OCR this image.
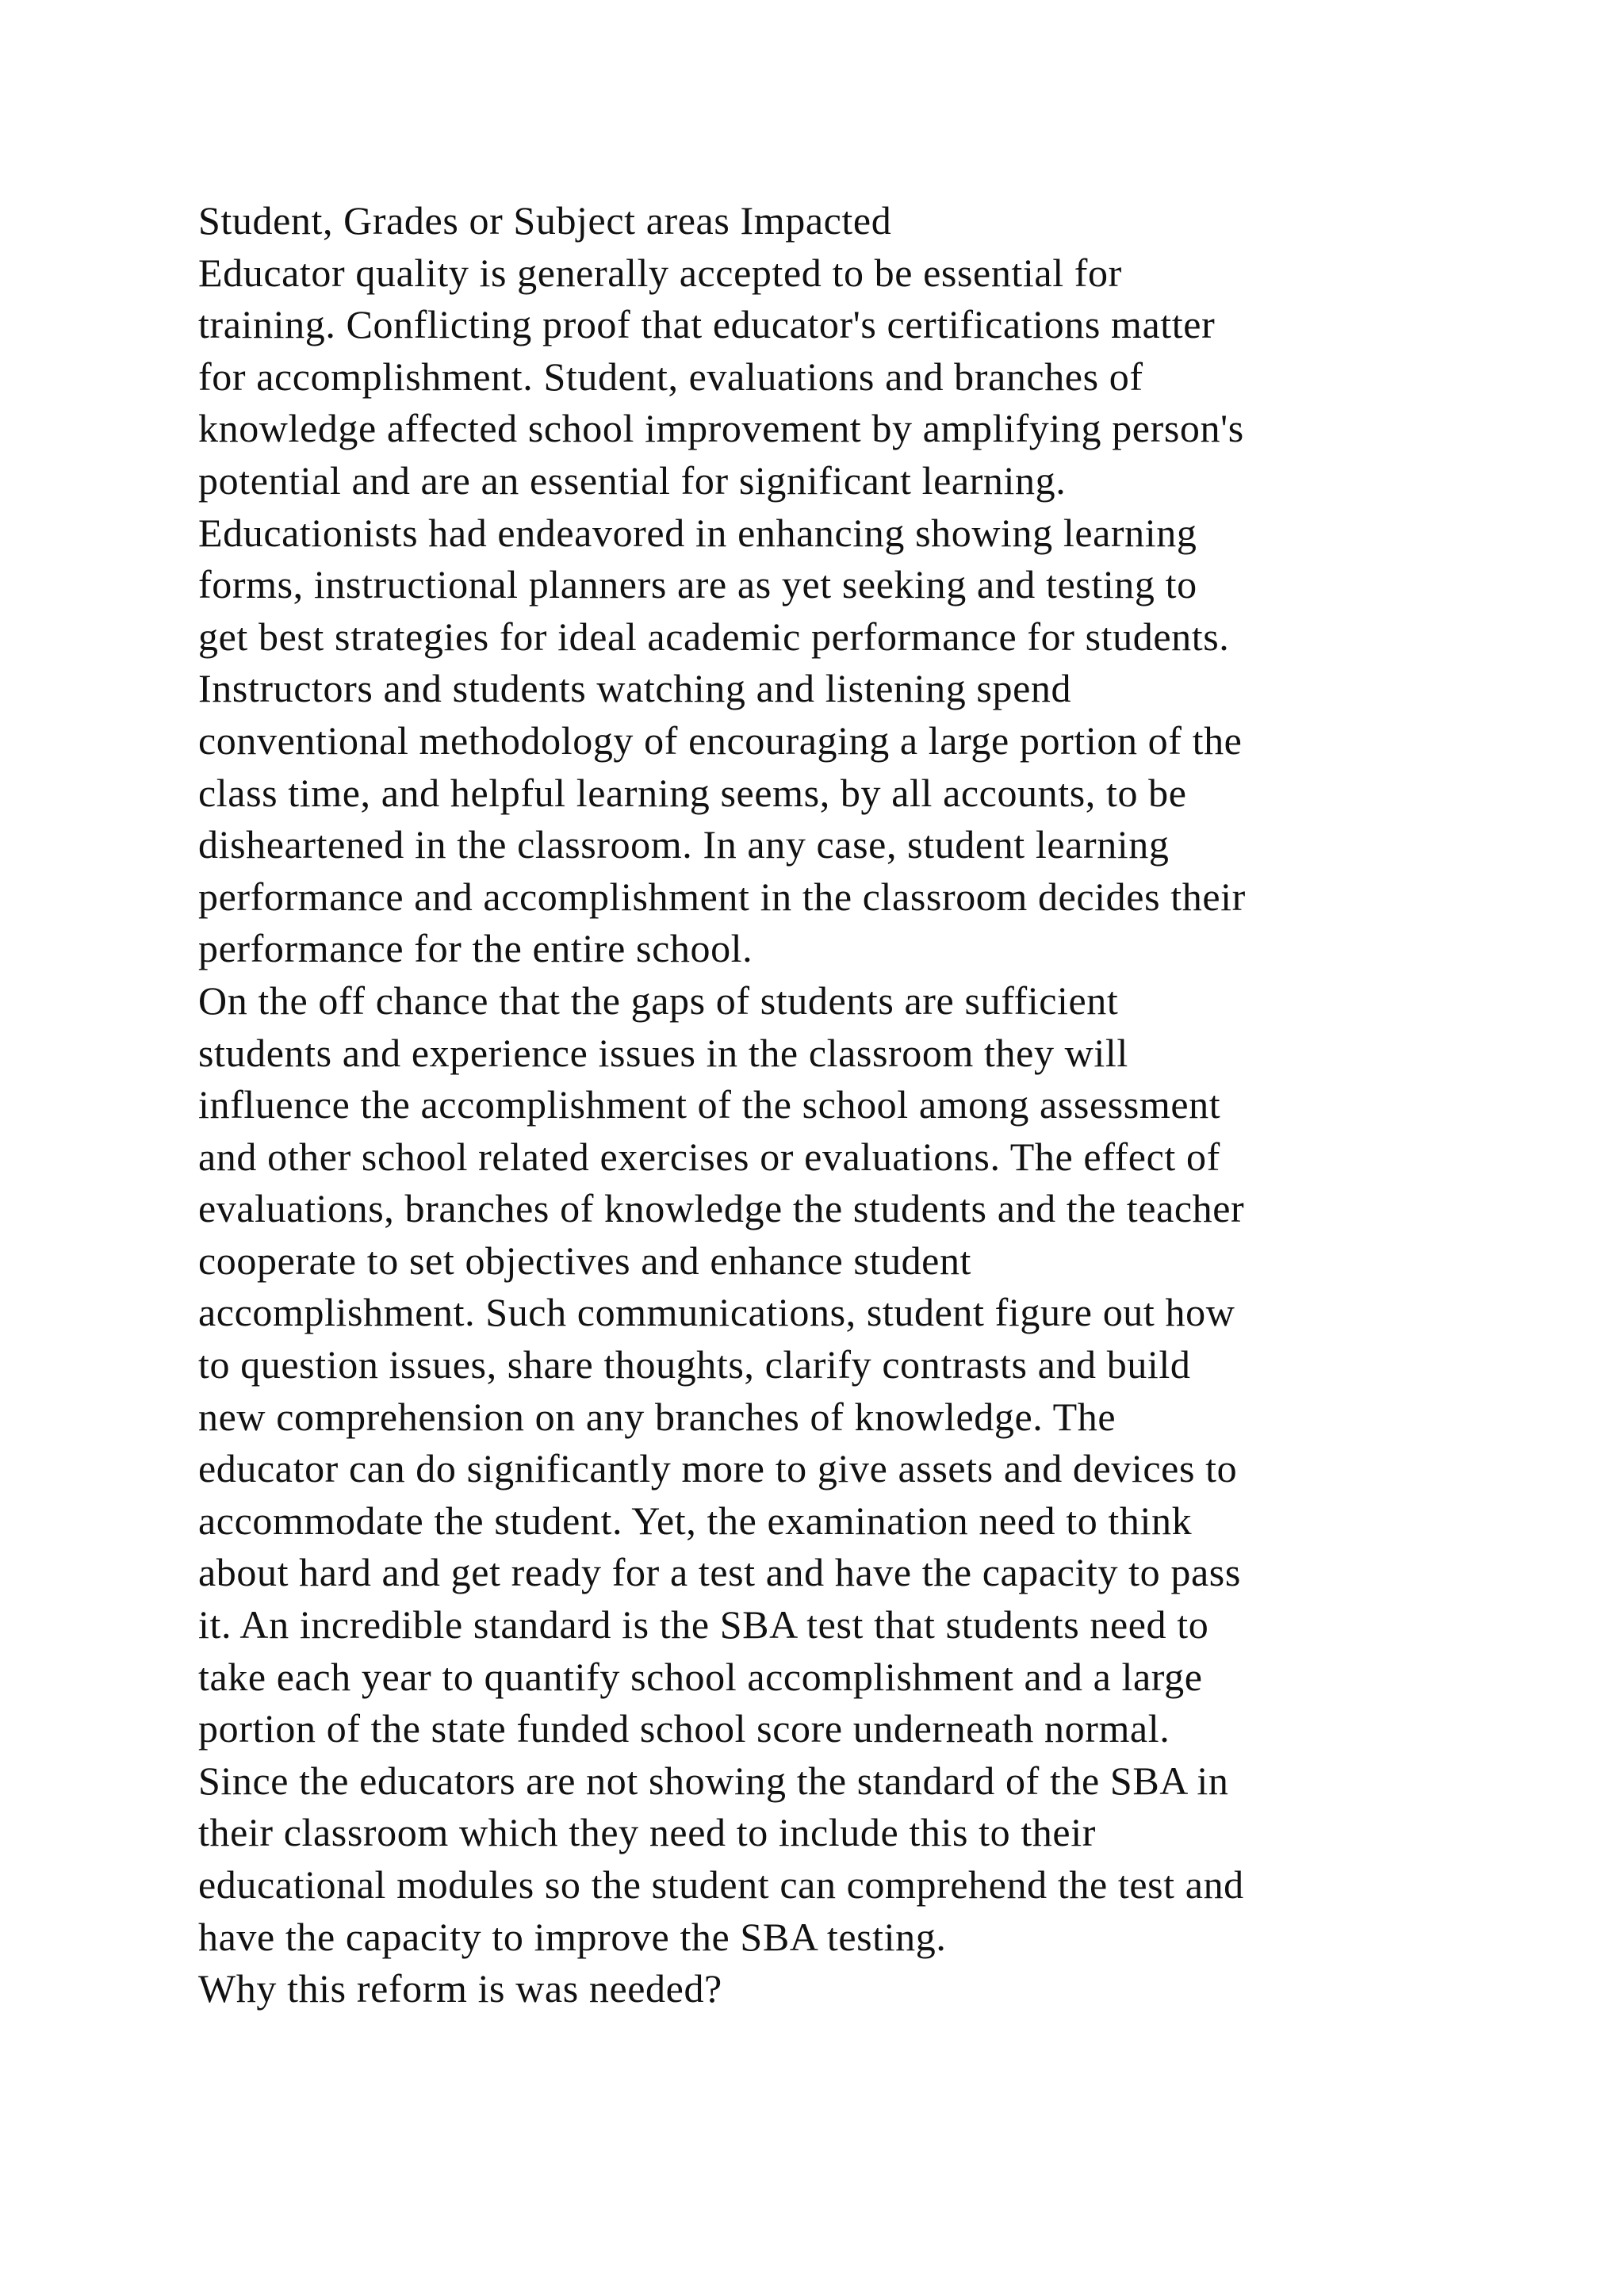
Student, Grades or Subject areas Impacted
Educator quality is generally accepted to be essential for
training. Conflicting proof that educator's certifications matter
for accomplishment. Student, evaluations and branches of
knowledge affected school improvement by amplifying person's
potential and are an essential for significant learning.
Educationists had endeavored in enhancing showing learning
forms, instructional planners are as yet seeking and testing to
get best strategies for ideal academic performance for students.
Instructors and students watching and listening spend
conventional methodology of encouraging a large portion of the
class time, and helpful learning seems, by all accounts, to be
disheartened in the classroom. In any case, student learning
performance and accomplishment in the classroom decides their
performance for the entire school.
On the off chance that the gaps of students are sufficient
students and experience issues in the classroom they will
influence the accomplishment of the school among assessment
and other school related exercises or evaluations. The effect of
evaluations, branches of knowledge the students and the teacher
cooperate to set objectives and enhance student
accomplishment. Such communications, student figure out how
to question issues, share thoughts, clarify contrasts and build
new comprehension on any branches of knowledge. The
educator can do significantly more to give assets and devices to
accommodate the student. Yet, the examination need to think
about hard and get ready for a test and have the capacity to pass
it. An incredible standard is the SBA test that students need to
take each year to quantify school accomplishment and a large
portion of the state funded school score underneath normal.
Since the educators are not showing the standard of the SBA in
their classroom which they need to include this to their
educational modules so the student can comprehend the test and
have the capacity to improve the SBA testing.
Why this reform is was needed?
